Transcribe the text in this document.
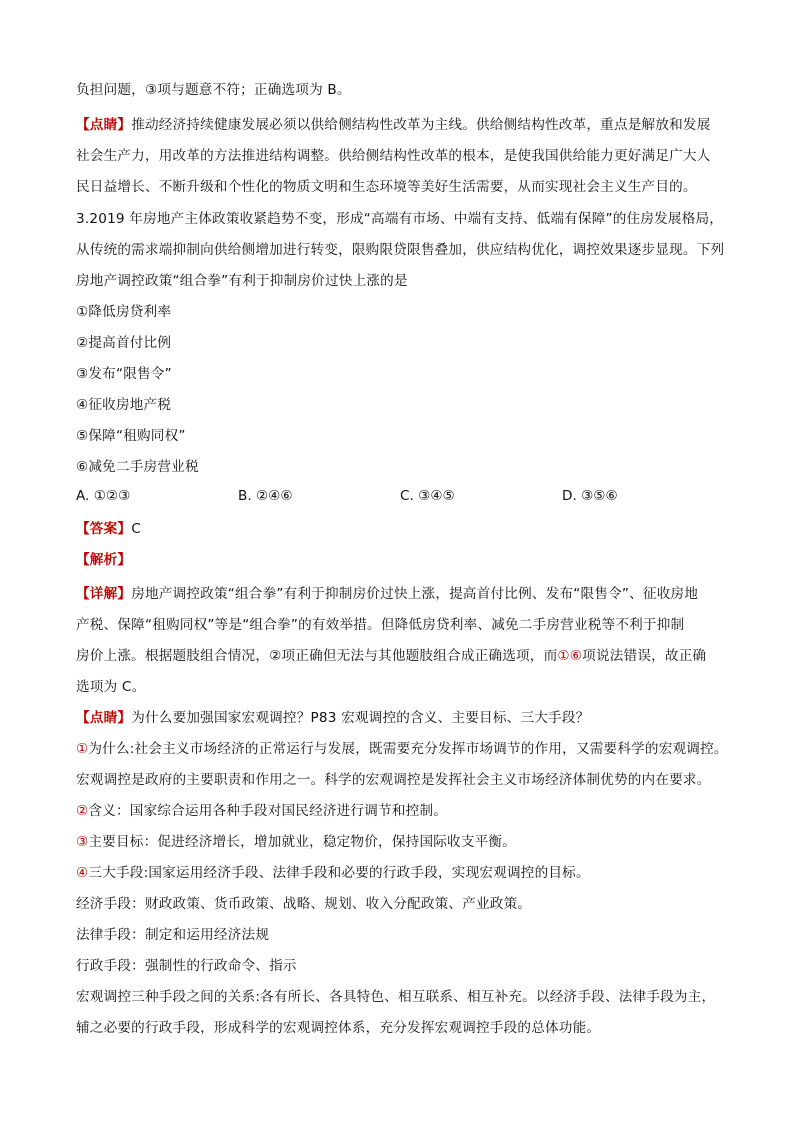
负担问题，③项与题意不符；正确选项为 B。
【点睛】推动经济持续健康发展必须以供给侧结构性改革为主线。供给侧结构性改革，重点是解放和发展
社会生产力，用改革的方法推进结构调整。供给侧结构性改革的根本，是使我国供给能力更好满足广大人
民日益增长、不断升级和个性化的物质文明和生态环境等美好生活需要，从而实现社会主义生产目的。
3.2019 年房地产主体政策收紧趋势不变，形成“高端有市场、中端有支持、低端有保障”的住房发展格局，
从传统的需求端抑制向供给侧增加进行转变，限购限贷限售叠加，供应结构优化，调控效果逐步显现。下列
房地产调控政策“组合拳”有利于抑制房价过快上涨的是
①降低房贷利率
②提高首付比例
③发布“限售令”
④征收房地产税
⑤保障“租购同权”
⑥减免二手房营业税
A. ①②③	B. ②④⑥	C. ③④⑤	D. ③⑤⑥
【答案】C
【解析】
【详解】房地产调控政策“组合拳”有利于抑制房价过快上涨，提高首付比例、发布“限售令”、征收房地
产税、保障“租购同权”等是“组合拳”的有效举措。但降低房贷利率、减免二手房营业税等不利于抑制
房价上涨。根据题肢组合情况，②项正确但无法与其他题肢组合成正确选项，而①⑥项说法错误，故正确
选项为 C。
【点睛】为什么要加强国家宏观调控？P83 宏观调控的含义、主要目标、三大手段？
①为什么:社会主义市场经济的正常运行与发展，既需要充分发挥市场调节的作用，又需要科学的宏观调控。
宏观调控是政府的主要职责和作用之一。科学的宏观调控是发挥社会主义市场经济体制优势的内在要求。
②含义：国家综合运用各种手段对国民经济进行调节和控制。
③主要目标：促进经济增长，增加就业，稳定物价，保持国际收支平衡。
④三大手段:国家运用经济手段、法律手段和必要的行政手段，实现宏观调控的目标。
经济手段：财政政策、货币政策、战略、规划、收入分配政策、产业政策。
法律手段：制定和运用经济法规
行政手段：强制性的行政命令、指示
宏观调控三种手段之间的关系:各有所长、各具特色、相互联系、相互补充。以经济手段、法律手段为主，
辅之必要的行政手段，形成科学的宏观调控体系，充分发挥宏观调控手段的总体功能。
